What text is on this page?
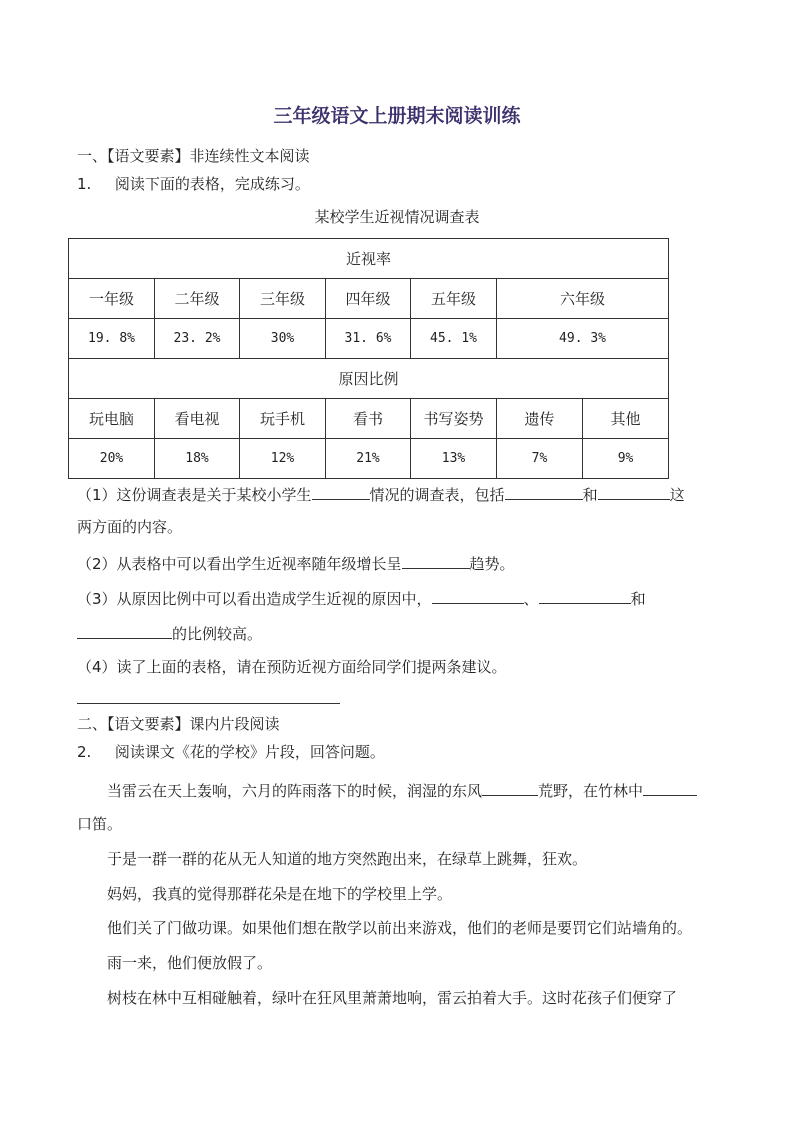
三年级语文上册期末阅读训练
一、【语文要素】非连续性文本阅读
1. 阅读下面的表格，完成练习。
某校学生近视情况调查表
近视率						
一年级	二年级	三年级	四年级	五年级	六年级	
19. 8%	23. 2%	30%	31. 6%	45. 1%	49. 3%	
原因比例						
玩电脑	看电视	玩手机	看书	书写姿势	遗传	其他
20%	18%	12%	21%	13%	7%	9%
（1）这份调查表是关于某校小学生	情况的调查表，包括	和	这
两方面的内容。
（2）从表格中可以看出学生近视率随年级增长呈	趋势。
（3）从原因比例中可以看出造成学生近视的原因中，	、	和
的比例较高。
（4）读了上面的表格，请在预防近视方面给同学们提两条建议。
二、【语文要素】课内片段阅读
2. 阅读课文《花的学校》片段，回答问题。
当雷云在天上轰响，六月的阵雨落下的时候，润湿的东风	荒野，在竹林中
口笛。
于是一群一群的花从无人知道的地方突然跑出来，在绿草上跳舞，狂欢。
妈妈，我真的觉得那群花朵是在地下的学校里上学。
他们关了门做功课。如果他们想在散学以前出来游戏，他们的老师是要罚它们站墙角的。
雨一来，他们便放假了。
树枝在林中互相碰触着，绿叶在狂风里萧萧地响，雷云拍着大手。这时花孩子们便穿了
